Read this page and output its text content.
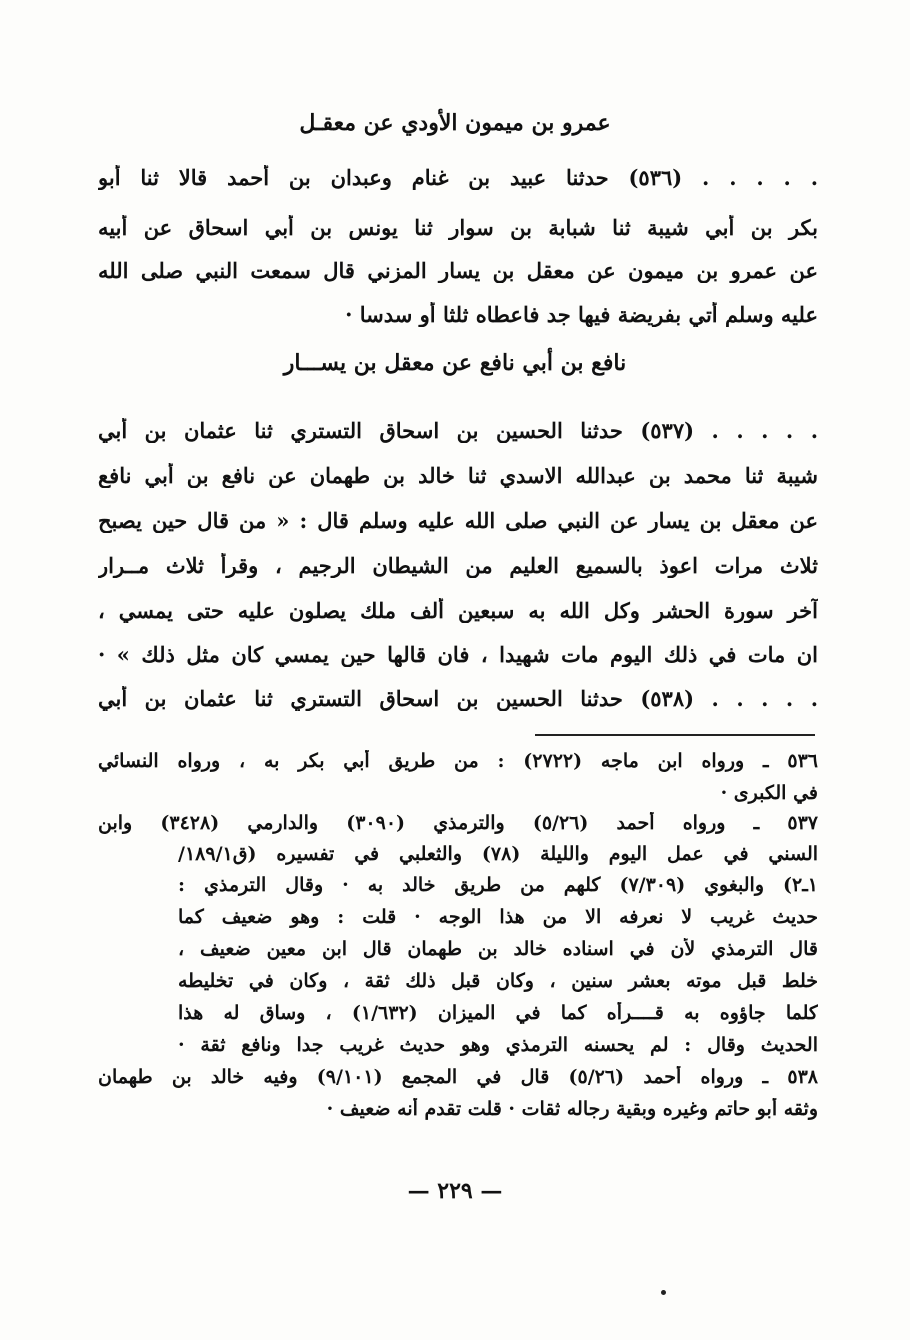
عمرو بن ميمون الأودي عن معقـل
. . . . . (٥٣٦) حدثنا عبيد بن غنام وعبدان بن أحمد قالا ثنا أبو
بكر بن أبي شيبة ثنا شبابة بن سوار ثنا يونس بن أبي اسحاق عن أبيه
عن عمرو بن ميمون عن معقل بن يسار المزني قال سمعت النبي صلى الله
عليه وسلم أتي بفريضة فيها جد فاعطاه ثلثا أو سدسا ·
نافع بن أبي نافع عن معقل بن يســـار
. . . . . (٥٣٧) حدثنا الحسين بن اسحاق التستري ثنا عثمان بن أبي
شيبة ثنا محمد بن عبدالله الاسدي ثنا خالد بن طهمان عن نافع بن أبي نافع
عن معقل بن يسار عن النبي صلى الله عليه وسلم قال : « من قال حين يصبح
ثلاث مرات اعوذ بالسميع العليم من الشيطان الرجيم ، وقرأ ثلاث مــرار
آخر سورة الحشر وكل الله به سبعين ألف ملك يصلون عليه حتى يمسي ،
ان مات في ذلك اليوم مات شهيدا ، فان قالها حين يمسي كان مثل ذلك » ·
. . . . . (٥٣٨) حدثنا الحسين بن اسحاق التستري ثنا عثمان بن أبي
٥٣٦ ـ ورواه ابن ماجه (٢٧٢٢) : من طريق أبي بكر به ، ورواه النسائي
في الكبرى ·
٥٣٧ ـ ورواه أحمد (٥/٢٦) والترمذي (٣٠٩٠) والدارمي (٣٤٢٨) وابن
السني في عمل اليوم والليلة (٧٨) والثعلبي في تفسيره (ق١٨٩/١/
١ـ٢) والبغوي (٧/٣٠٩) كلهم من طريق خالد به · وقال الترمذي :
حديث غريب لا نعرفه الا من هذا الوجه · قلت : وهو ضعيف كما
قال الترمذي لأن في اسناده خالد بن طهمان قال ابن معين ضعيف ،
خلط قبل موته بعشر سنين ، وكان قبل ذلك ثقة ، وكان في تخليطه
كلما جاؤوه به قــــرأه كما في الميزان (١/٦٣٢) ، وساق له هذا
الحديث وقال : لم يحسنه الترمذي وهو حديث غريب جدا ونافع ثقة ·
٥٣٨ ـ ورواه أحمد (٥/٢٦) قال في المجمع (٩/١٠١) وفيه خالد بن طهمان
وثقه أبو حاتم وغيره وبقية رجاله ثقات · قلت تقدم أنه ضعيف ·
— ٢٢٩ —
